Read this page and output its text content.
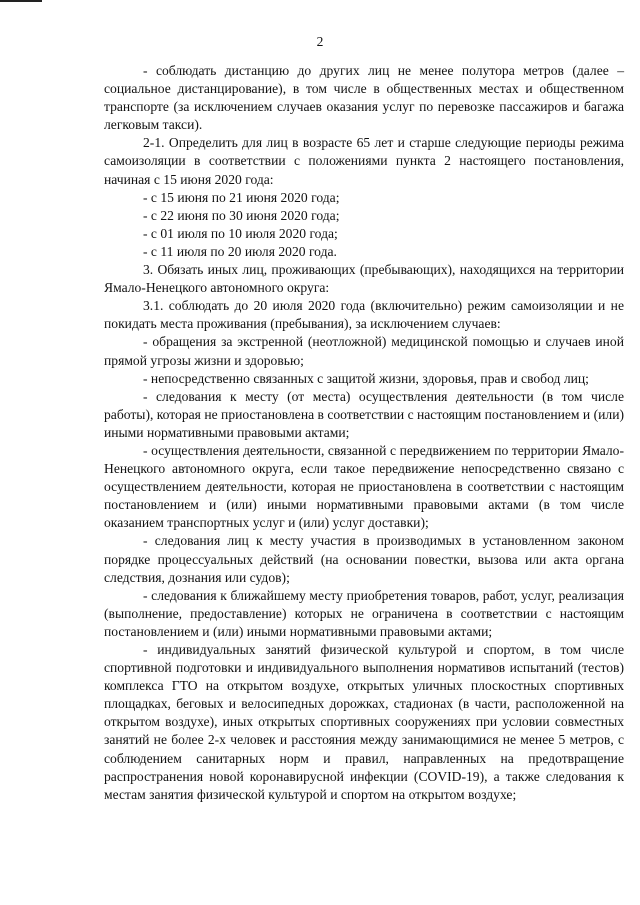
2

- соблюдать дистанцию до других лиц не менее полутора метров (далее – социальное дистанцирование), в том числе в общественных местах и общественном транспорте (за исключением случаев оказания услуг по перевозке пассажиров и багажа легковым такси).

2-1. Определить для лиц в возрасте 65 лет и старше следующие периоды режима самоизоляции в соответствии с положениями пункта 2 настоящего постановления, начиная с 15 июня 2020 года:

- с 15 июня по 21 июня 2020 года;

- с 22 июня по 30 июня 2020 года;

- с 01 июля по 10 июля 2020 года;

- с 11 июля по 20 июля 2020 года.

3. Обязать иных лиц, проживающих (пребывающих), находящихся на территории Ямало-Ненецкого автономного округа:

3.1. соблюдать до 20 июля 2020 года (включительно) режим самоизоляции и не покидать места проживания (пребывания), за исключением случаев:

- обращения за экстренной (неотложной) медицинской помощью и случаев иной прямой угрозы жизни и здоровью;

- непосредственно связанных с защитой жизни, здоровья, прав и свобод лиц;

- следования к месту (от места) осуществления деятельности (в том числе работы), которая не приостановлена в соответствии с настоящим постановлением и (или) иными нормативными правовыми актами;

- осуществления деятельности, связанной с передвижением по территории Ямало-Ненецкого автономного округа, если такое передвижение непосредственно связано с осуществлением деятельности, которая не приостановлена в соответствии с настоящим постановлением и (или) иными нормативными правовыми актами (в том числе оказанием транспортных услуг и (или) услуг доставки);

- следования лиц к месту участия в производимых в установленном законом порядке процессуальных действий (на основании повестки, вызова или акта органа следствия, дознания или судов);

- следования к ближайшему месту приобретения товаров, работ, услуг, реализация (выполнение, предоставление) которых не ограничена в соответствии с настоящим постановлением и (или) иными нормативными правовыми актами;

- индивидуальных занятий физической культурой и спортом, в том числе спортивной подготовки и индивидуального выполнения нормативов испытаний (тестов) комплекса ГТО на открытом воздухе, открытых уличных плоскостных спортивных площадках, беговых и велосипедных дорожках, стадионах (в части, расположенной на открытом воздухе), иных открытых спортивных сооружениях при условии совместных занятий не более 2-х человек и расстояния между занимающимися не менее 5 метров, с соблюдением санитарных норм и правил, направленных на предотвращение распространения новой коронавирусной инфекции (COVID-19), а также следования к местам занятия физической культурой и спортом на открытом воздухе;
